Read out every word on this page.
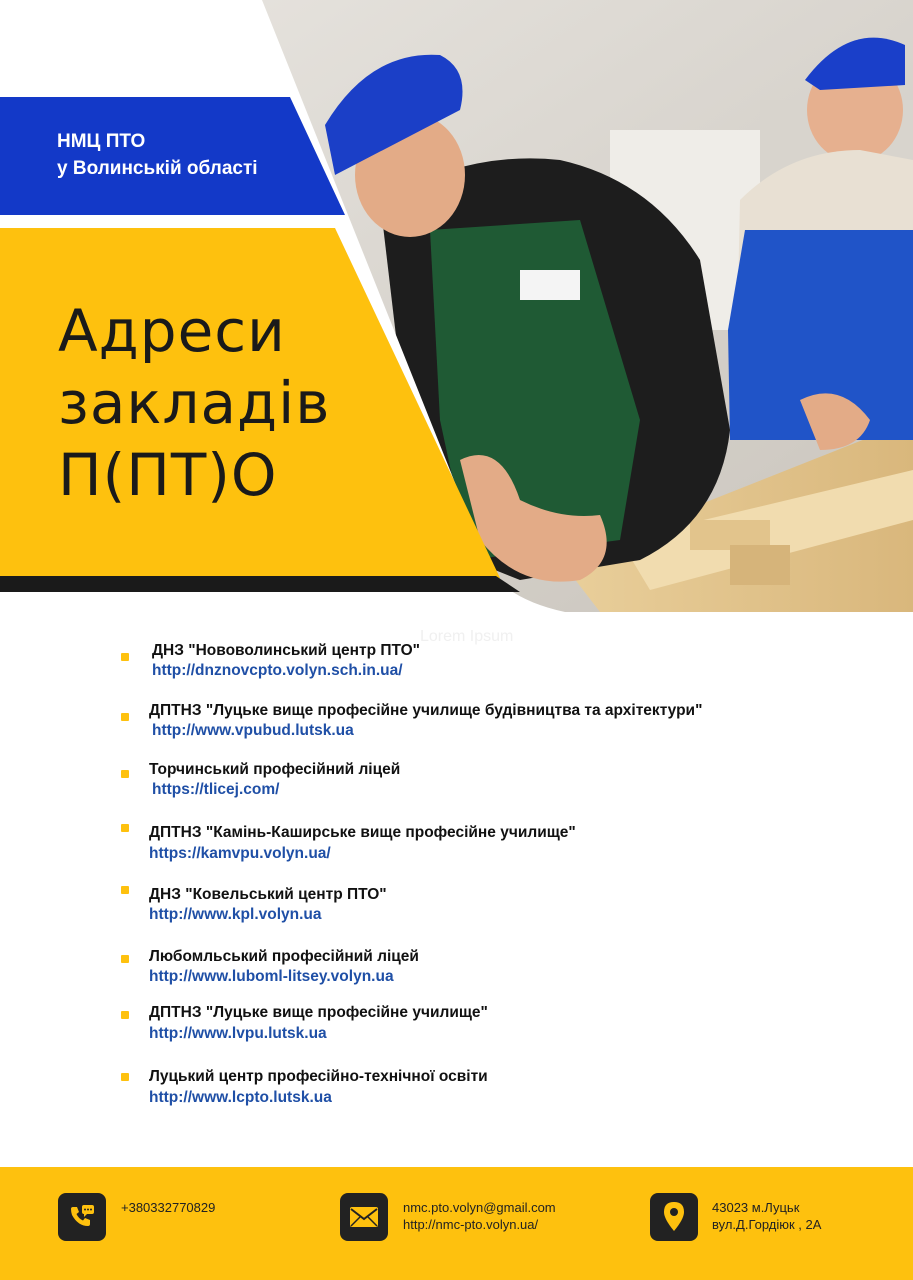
НМЦ ПТО
у Волинській області
Адреси
закладів
П(ПТ)О

Lorem Ipsum

ДНЗ "Нововолинський центр ПТО"

http://dnznovcpto.volyn.sch.in.ua/

ДПТНЗ "Луцьке вище професійне училище будівництва та архітектури"

http://www.vpubud.lutsk.ua

Торчинський професійний ліцей

https://tlicej.com/

ДПТНЗ "Камінь-Каширське вище професійне училище"

https://kamvpu.volyn.ua/

ДНЗ "Ковельський центр ПТО"

http://www.kpl.volyn.ua

Любомльський професійний ліцей

http://www.luboml-litsey.volyn.ua

ДПТНЗ "Луцьке вище професійне училище"

http://www.lvpu.lutsk.ua

Луцький центр професійно-технічної освіти

http://www.lcpto.lutsk.ua

+380332770829	nmc.pto.volyn@gmail.com
http://nmc-pto.volyn.ua/

43023 м.Луцьк
вул.Д.Гордіюк , 2А
